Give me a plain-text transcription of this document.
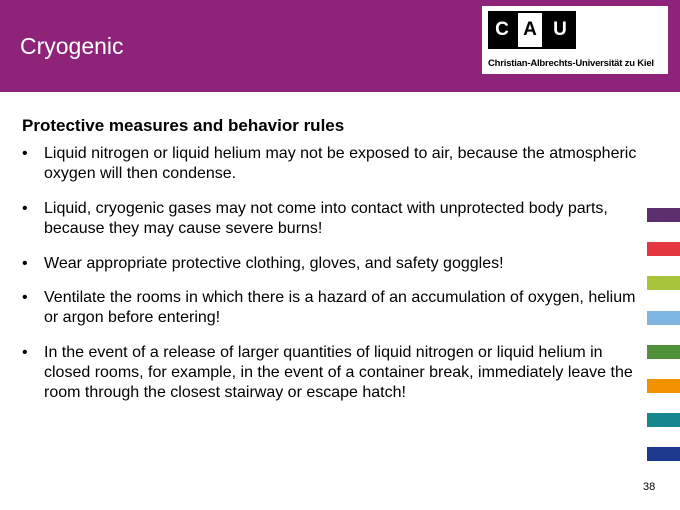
Cryogenic
C A U
Christian-Albrechts-Universität zu Kiel
Protective measures and behavior rules
•	Liquid nitrogen or liquid helium may not be exposed to air, because the atmospheric oxygen will then condense.
•	Liquid, cryogenic gases may not come into contact with unprotected body parts, because they may cause severe burns!
•	Wear appropriate protective clothing, gloves, and safety goggles!
•	Ventilate the rooms in which there is a hazard of an accumulation of oxygen, helium or argon before entering!
•	In the event of a release of larger quantities of liquid nitrogen or liquid helium in closed rooms, for example, in the event of a container break, immediately leave the room through the closest stairway or escape hatch!
38
